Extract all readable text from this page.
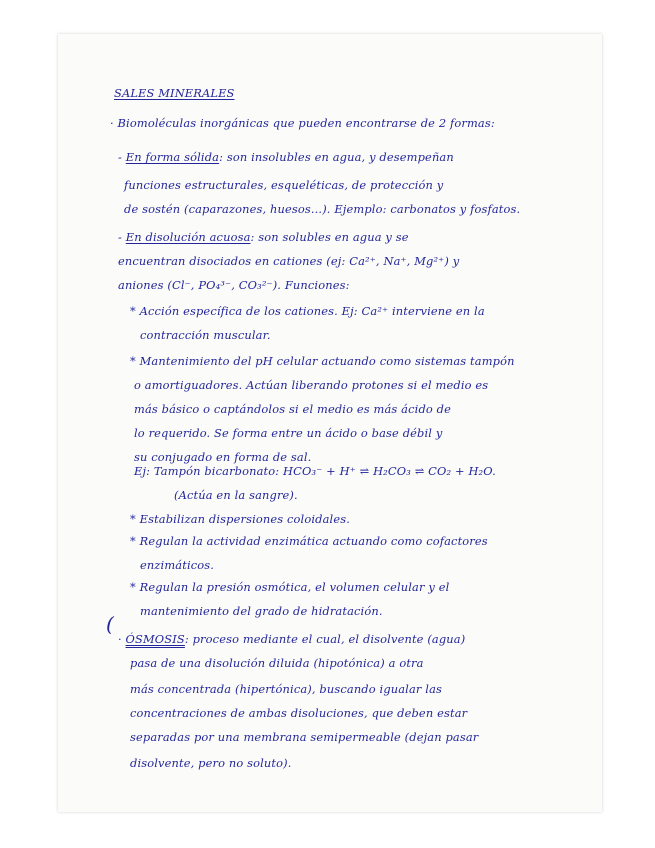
SALES MINERALES
· Biomoléculas inorgánicas que pueden encontrarse de 2 formas:
- En forma sólida: son insolubles en agua, y desempeñan
funciones estructurales, esqueléticas, de protección y
de sostén (caparazones, huesos...). Ejemplo: carbonatos y fosfatos.
- En disolución acuosa: son solubles en agua y se
encuentran disociados en cationes (ej: Ca²⁺, Na⁺, Mg²⁺) y
aniones (Cl⁻, PO₄³⁻, CO₃²⁻). Funciones:
* Acción específica de los cationes. Ej: Ca²⁺ interviene en la
contracción muscular.
* Mantenimiento del pH celular actuando como sistemas tampón
o amortiguadores. Actúan liberando protones si el medio es
más básico o captándolos si el medio es más ácido de
lo requerido. Se forma entre un ácido o base débil y
su conjugado en forma de sal.
Ej: Tampón bicarbonato: HCO₃⁻ + H⁺ ⇌ H₂CO₃ ⇌ CO₂ + H₂O.
(Actúa en la sangre).
* Estabilizan dispersiones coloidales.
* Regulan la actividad enzimática actuando como cofactores
enzimáticos.
* Regulan la presión osmótica, el volumen celular y el
mantenimiento del grado de hidratación.
(
· ÓSMOSIS: proceso mediante el cual, el disolvente (agua)
pasa de una disolución diluida (hipotónica) a otra
más concentrada (hipertónica), buscando igualar las
concentraciones de ambas disoluciones, que deben estar
separadas por una membrana semipermeable (dejan pasar
disolvente, pero no soluto).
